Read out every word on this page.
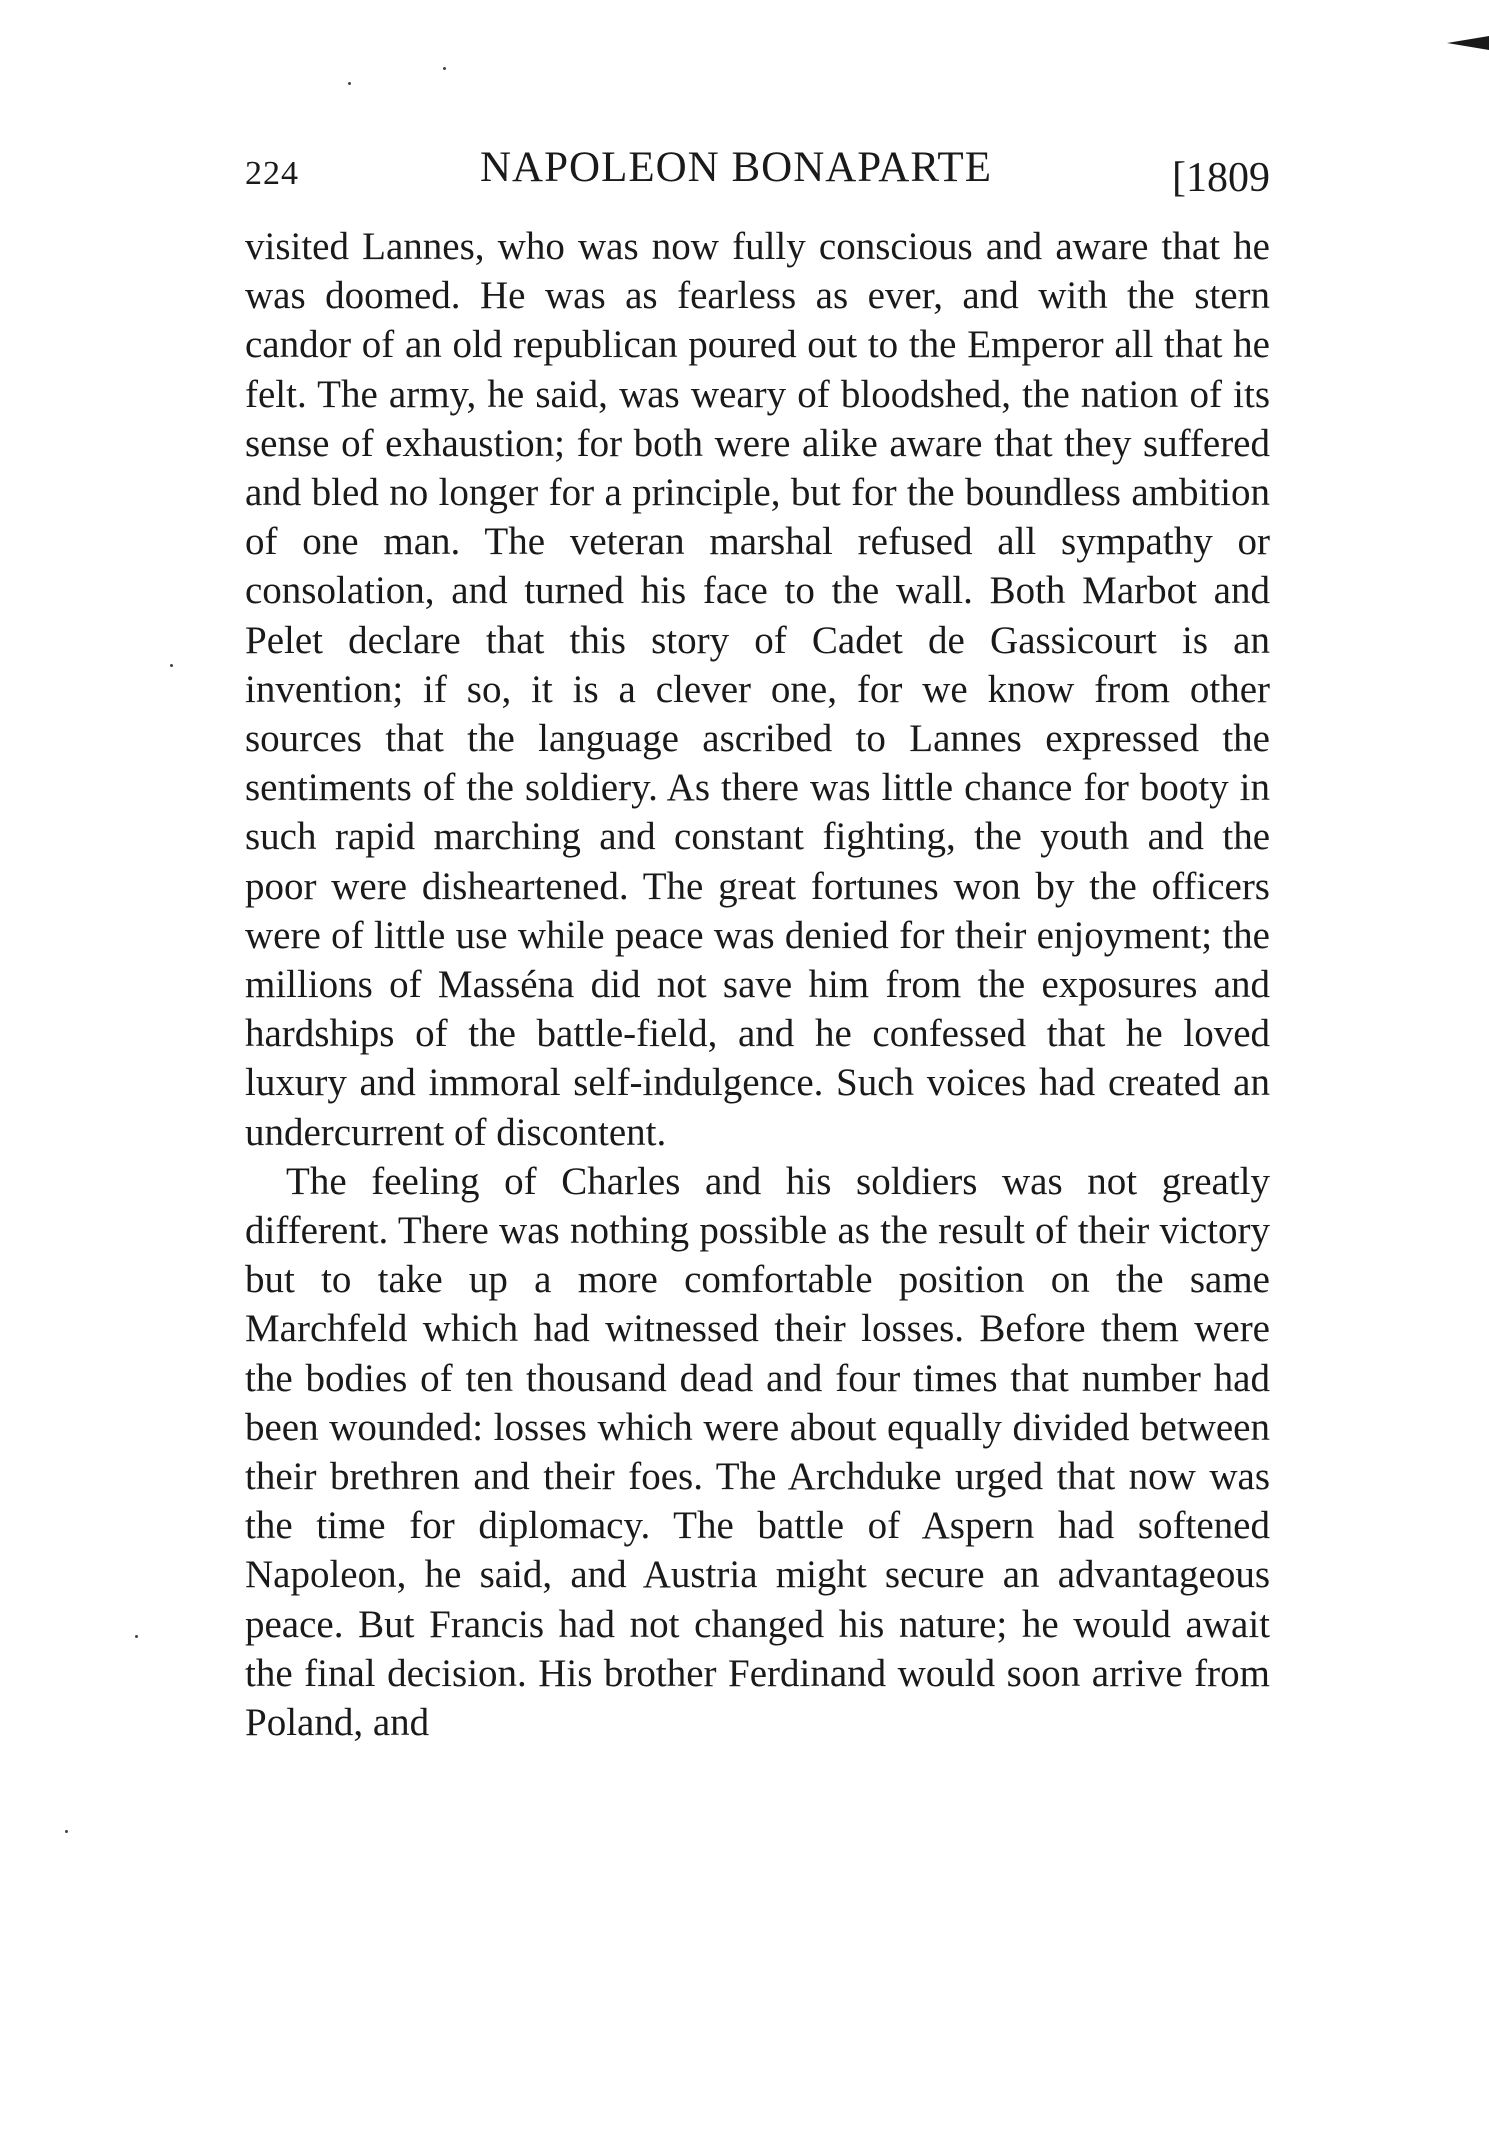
224	NAPOLEON BONAPARTE	[1809

visited Lannes, who was now fully conscious and aware that he was doomed. He was as fearless as ever, and with the stern candor of an old republican poured out to the Emperor all that he felt. The army, he said, was weary of bloodshed, the nation of its sense of exhaustion; for both were alike aware that they suffered and bled no longer for a principle, but for the boundless ambition of one man. The veteran marshal refused all sympathy or consolation, and turned his face to the wall. Both Marbot and Pelet declare that this story of Cadet de Gassicourt is an invention; if so, it is a clever one, for we know from other sources that the language ascribed to Lannes expressed the sentiments of the soldiery. As there was little chance for booty in such rapid marching and constant fighting, the youth and the poor were disheartened. The great fortunes won by the officers were of little use while peace was denied for their enjoyment; the millions of Masséna did not save him from the exposures and hardships of the battle-field, and he confessed that he loved luxury and immoral self-indulgence. Such voices had created an undercurrent of discontent.

The feeling of Charles and his soldiers was not greatly different. There was nothing possible as the result of their victory but to take up a more comfortable position on the same Marchfeld which had witnessed their losses. Before them were the bodies of ten thousand dead and four times that number had been wounded: losses which were about equally divided between their brethren and their foes. The Archduke urged that now was the time for diplomacy. The battle of Aspern had softened Napoleon, he said, and Austria might secure an advantageous peace. But Francis had not changed his nature; he would await the final decision. His brother Ferdinand would soon arrive from Poland, and
